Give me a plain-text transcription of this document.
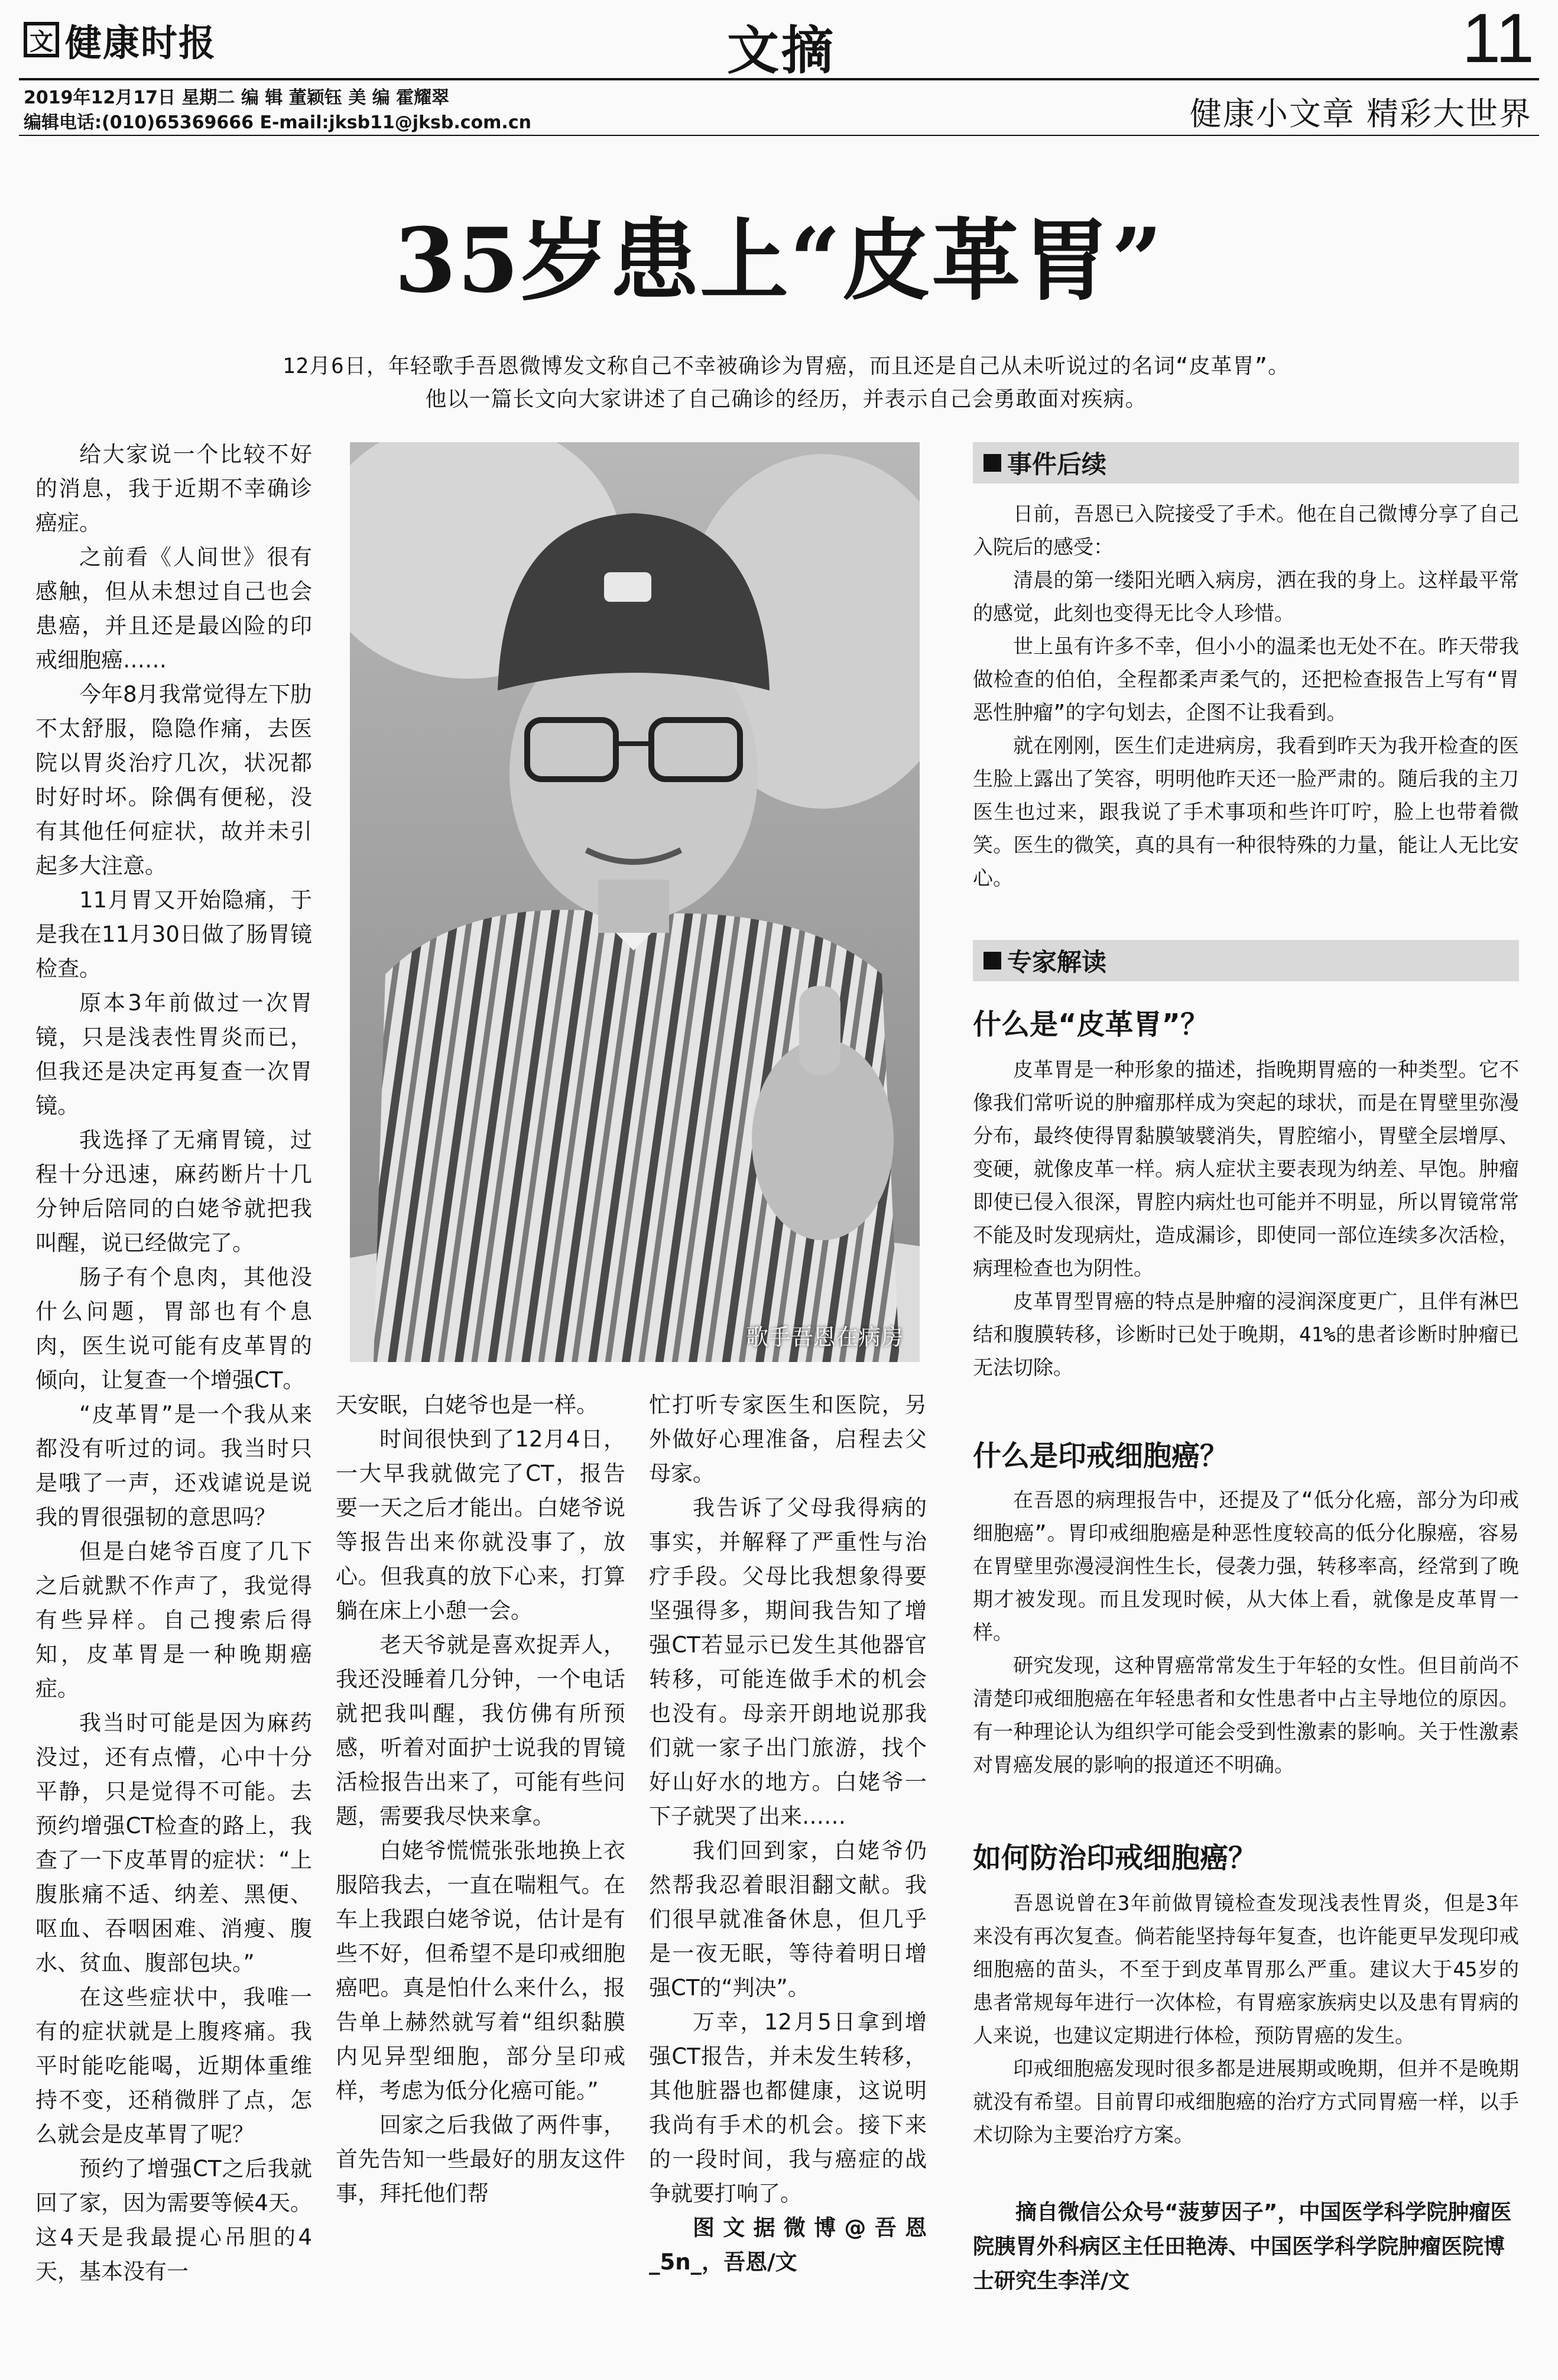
文 健康时报	文摘	11
2019年12月17日 星期二 编 辑 董颖钰 美 编 霍耀翠
编辑电话:(010)65369666 E-mail:jksb11@jksb.com.cn	健康小文章 精彩大世界
35岁患上“皮革胃”
12月6日，年轻歌手吾恩微博发文称自己不幸被确诊为胃癌，而且还是自己从未听说过的名词“皮革胃”。
他以一篇长文向大家讲述了自己确诊的经历，并表示自己会勇敢面对疾病。

给大家说一个比较不好的消息，我于近期不幸确诊癌症。

之前看《人间世》很有感触，但从未想过自己也会患癌，并且还是最凶险的印戒细胞癌……

今年8月我常觉得左下肋不太舒服，隐隐作痛，去医院以胃炎治疗几次，状况都时好时坏。除偶有便秘，没有其他任何症状，故并未引起多大注意。

11月胃又开始隐痛，于是我在11月30日做了肠胃镜检查。

原本3年前做过一次胃镜，只是浅表性胃炎而已，但我还是决定再复查一次胃镜。

我选择了无痛胃镜，过程十分迅速，麻药断片十几分钟后陪同的白姥爷就把我叫醒，说已经做完了。

肠子有个息肉，其他没什么问题，胃部也有个息肉，医生说可能有皮革胃的倾向，让复查一个增强CT。

“皮革胃”是一个我从来都没有听过的词。我当时只是哦了一声，还戏谑说是说我的胃很强韧的意思吗？

但是白姥爷百度了几下之后就默不作声了，我觉得有些异样。自己搜索后得知，皮革胃是一种晚期癌症。

我当时可能是因为麻药没过，还有点懵，心中十分平静，只是觉得不可能。去预约增强CT检查的路上，我查了一下皮革胃的症状：“上腹胀痛不适、纳差、黑便、呕血、吞咽困难、消瘦、腹水、贫血、腹部包块。”

在这些症状中，我唯一有的症状就是上腹疼痛。我平时能吃能喝，近期体重维持不变，还稍微胖了点，怎么就会是皮革胃了呢？

预约了增强CT之后我就回了家，因为需要等候4天。这4天是我最提心吊胆的4天，基本没有一

歌手吾恩在病房

天安眠，白姥爷也是一样。

时间很快到了12月4日，一大早我就做完了CT，报告要一天之后才能出。白姥爷说等报告出来你就没事了，放心。但我真的放下心来，打算躺在床上小憩一会。

老天爷就是喜欢捉弄人，我还没睡着几分钟，一个电话就把我叫醒，我仿佛有所预感，听着对面护士说我的胃镜活检报告出来了，可能有些问题，需要我尽快来拿。

白姥爷慌慌张张地换上衣服陪我去，一直在喘粗气。在车上我跟白姥爷说，估计是有些不好，但希望不是印戒细胞癌吧。真是怕什么来什么，报告单上赫然就写着“组织黏膜内见异型细胞，部分呈印戒样，考虑为低分化癌可能。”

回家之后我做了两件事，首先告知一些最好的朋友这件事，拜托他们帮

忙打听专家医生和医院，另外做好心理准备，启程去父母家。

我告诉了父母我得病的事实，并解释了严重性与治疗手段。父母比我想象得要坚强得多，期间我告知了增强CT若显示已发生其他器官转移，可能连做手术的机会也没有。母亲开朗地说那我们就一家子出门旅游，找个好山好水的地方。白姥爷一下子就哭了出来……

我们回到家，白姥爷仍然帮我忍着眼泪翻文献。我们很早就准备休息，但几乎是一夜无眠，等待着明日增强CT的“判决”。

万幸，12月5日拿到增强CT报告，并未发生转移，其他脏器也都健康，这说明我尚有手术的机会。接下来的一段时间，我与癌症的战争就要打响了。

图文据微博@吾恩_5n_，吾恩/文

事件后续

日前，吾恩已入院接受了手术。他在自己微博分享了自己入院后的感受：

清晨的第一缕阳光晒入病房，洒在我的身上。这样最平常的感觉，此刻也变得无比令人珍惜。

世上虽有许多不幸，但小小的温柔也无处不在。昨天带我做检查的伯伯，全程都柔声柔气的，还把检查报告上写有“胃恶性肿瘤”的字句划去，企图不让我看到。

就在刚刚，医生们走进病房，我看到昨天为我开检查的医生脸上露出了笑容，明明他昨天还一脸严肃的。随后我的主刀医生也过来，跟我说了手术事项和些许叮咛，脸上也带着微笑。医生的微笑，真的具有一种很特殊的力量，能让人无比安心。

专家解读
什么是“皮革胃”？

皮革胃是一种形象的描述，指晚期胃癌的一种类型。它不像我们常听说的肿瘤那样成为突起的球状，而是在胃壁里弥漫分布，最终使得胃黏膜皱襞消失，胃腔缩小，胃壁全层增厚、变硬，就像皮革一样。病人症状主要表现为纳差、早饱。肿瘤即使已侵入很深，胃腔内病灶也可能并不明显，所以胃镜常常不能及时发现病灶，造成漏诊，即使同一部位连续多次活检，病理检查也为阴性。

皮革胃型胃癌的特点是肿瘤的浸润深度更广，且伴有淋巴结和腹膜转移，诊断时已处于晚期，41%的患者诊断时肿瘤已无法切除。

什么是印戒细胞癌？

在吾恩的病理报告中，还提及了“低分化癌，部分为印戒细胞癌”。胃印戒细胞癌是种恶性度较高的低分化腺癌，容易在胃壁里弥漫浸润性生长，侵袭力强，转移率高，经常到了晚期才被发现。而且发现时候，从大体上看，就像是皮革胃一样。

研究发现，这种胃癌常常发生于年轻的女性。但目前尚不清楚印戒细胞癌在年轻患者和女性患者中占主导地位的原因。有一种理论认为组织学可能会受到性激素的影响。关于性激素对胃癌发展的影响的报道还不明确。

如何防治印戒细胞癌？

吾恩说曾在3年前做胃镜检查发现浅表性胃炎，但是3年来没有再次复查。倘若能坚持每年复查，也许能更早发现印戒细胞癌的苗头，不至于到皮革胃那么严重。建议大于45岁的患者常规每年进行一次体检，有胃癌家族病史以及患有胃病的人来说，也建议定期进行体检，预防胃癌的发生。

印戒细胞癌发现时很多都是进展期或晚期，但并不是晚期就没有希望。目前胃印戒细胞癌的治疗方式同胃癌一样，以手术切除为主要治疗方案。

摘自微信公众号“菠萝因子”，中国医学科学院肿瘤医院胰胃外科病区主任田艳涛、中国医学科学院肿瘤医院博士研究生李洋/文
